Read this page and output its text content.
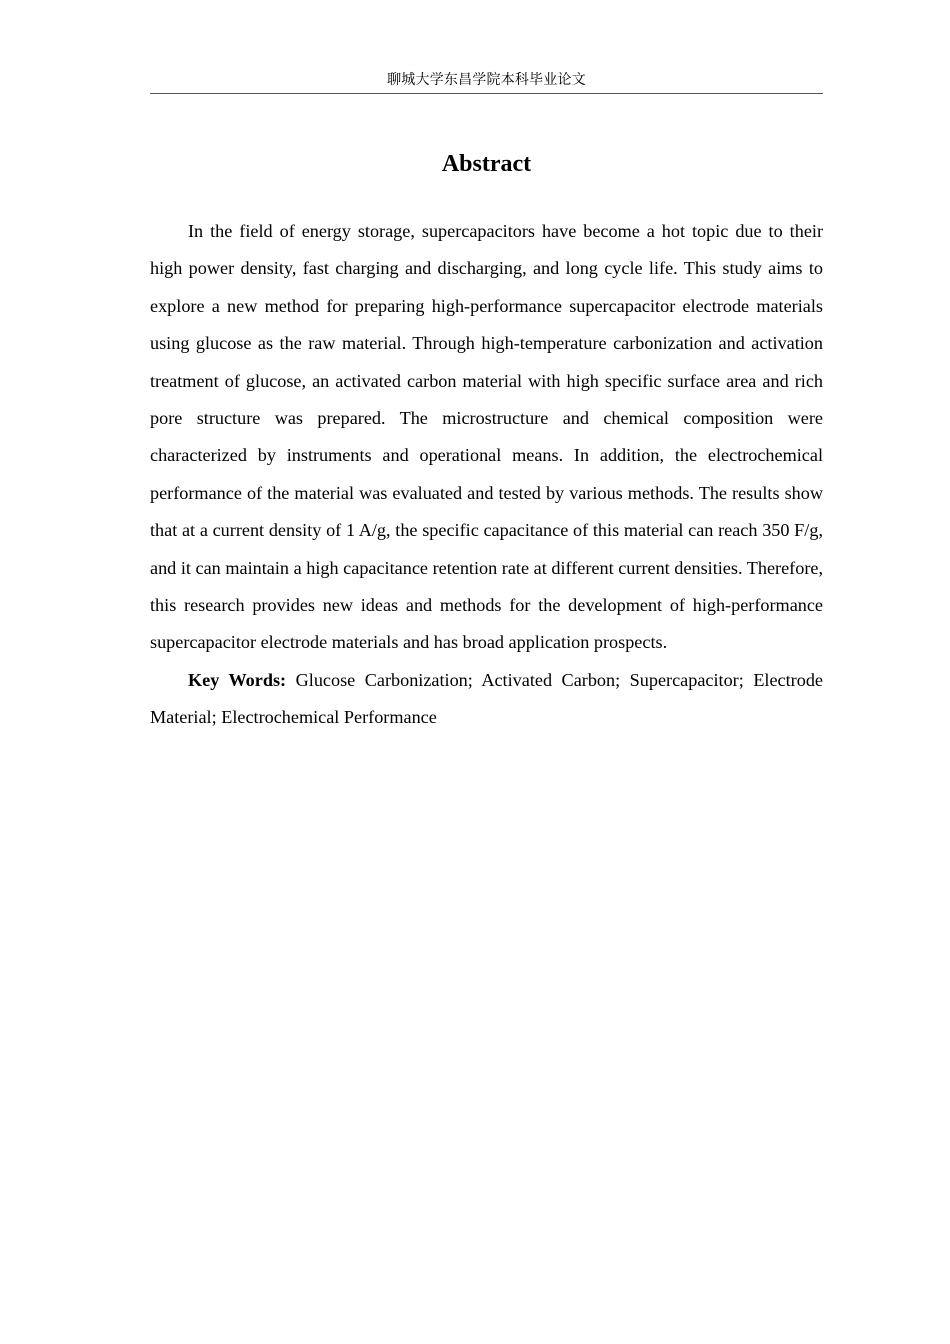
聊城大学东昌学院本科毕业论文
Abstract

In the field of energy storage, supercapacitors have become a hot topic due to their high power density, fast charging and discharging, and long cycle life. This study aims to explore a new method for preparing high-performance supercapacitor electrode materials using glucose as the raw material. Through high-temperature carbonization and activation treatment of glucose, an activated carbon material with high specific surface area and rich pore structure was prepared. The microstructure and chemical composition were characterized by instruments and operational means. In addition, the electrochemical performance of the material was evaluated and tested by various methods. The results show that at a current density of 1 A/g, the specific capacitance of this material can reach 350 F/g, and it can maintain a high capacitance retention rate at different current densities. Therefore, this research provides new ideas and methods for the development of high-performance supercapacitor electrode materials and has broad application prospects.

Key Words: Glucose Carbonization; Activated Carbon; Supercapacitor; Electrode Material; Electrochemical Performance
